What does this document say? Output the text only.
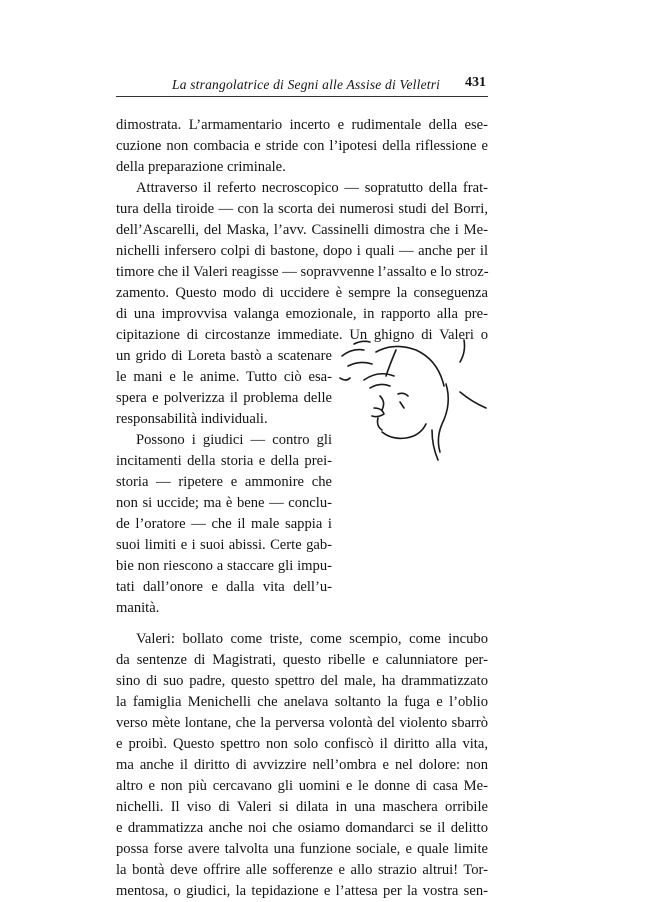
La strangolatrice di Segni alle Assise di Velletri 431
dimostrata. L’armamentario incerto e rudimentale della ese-
cuzione non combacia e stride con l’ipotesi della riflessione e
della preparazione criminale.
Attraverso il referto necroscopico — sopratutto della frat-
tura della tiroide — con la scorta dei numerosi studi del Borri,
dell’Ascarelli, del Maska, l’avv. Cassinelli dimostra che i Me-
nichelli infersero colpi di bastone, dopo i quali — anche per il
timore che il Valeri reagisse — sopravvenne l’assalto e lo stroz-
zamento. Questo modo di uccidere è sempre la conseguenza
di una improvvisa valanga emozionale, in rapporto alla pre-
cipitazione di circostanze immediate. Un ghigno di Valeri o
un grido di Loreta bastò a scatenare
le mani e le anime. Tutto ciò esa-
spera e polverizza il problema delle
responsabilità individuali.
Possono i giudici — contro gli
incitamenti della storia e della prei-
storia — ripetere e ammonire che
non si uccide; ma è bene — conclu-
de l’oratore — che il male sappia i
suoi limiti e i suoi abissi. Certe gab-
bie non riescono a staccare gli impu-
tati dall’onore e dalla vita dell’u-
manità.
Valeri: bollato come triste, come scempio, come incubo
da sentenze di Magistrati, questo ribelle e calunniatore per-
sino di suo padre, questo spettro del male, ha drammatizzato
la famiglia Menichelli che anelava soltanto la fuga e l’oblio
verso mète lontane, che la perversa volontà del violento sbarrò
e proibì. Questo spettro non solo confiscò il diritto alla vita,
ma anche il diritto di avvizzire nell’ombra e nel dolore: non
altro e non più cercavano gli uomini e le donne di casa Me-
nichelli. Il viso di Valeri si dilata in una maschera orribile
e drammatizza anche noi che osiamo domandarci se il delitto
possa forse avere talvolta una funzione sociale, e quale limite
la bontà deve offrire alle sofferenze e allo strazio altrui! Tor-
mentosa, o giudici, la tepidazione e l’attesa per la vostra sen-
